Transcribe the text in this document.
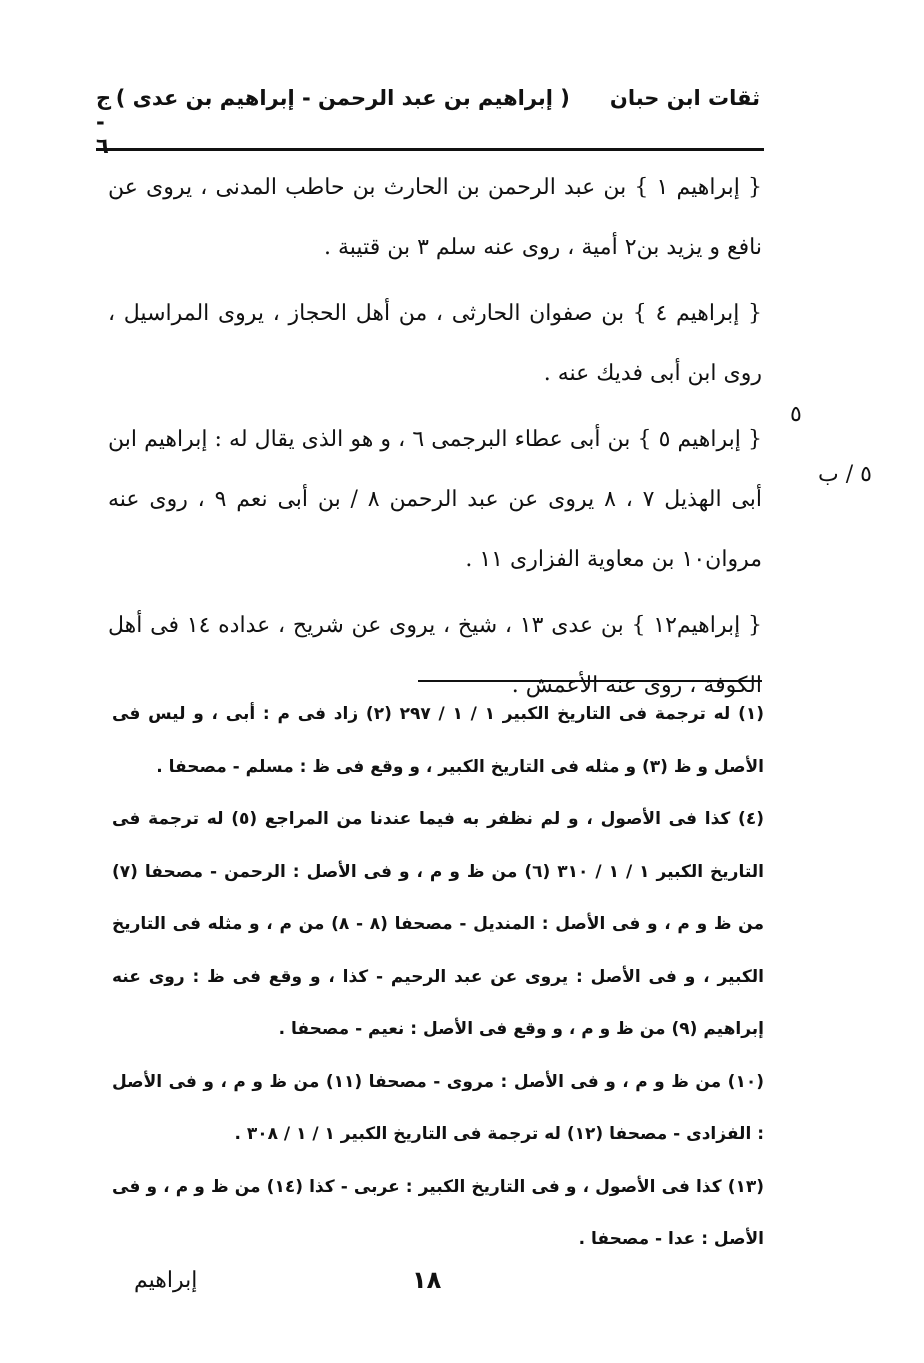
ثقات ابن حبان
( إبراهيم بن عبد الرحمن - إبراهيم بن عدى )
ج - ٦
٥
٥ / ب

{ إبراهيم ١ } بن عبد الرحمن بن الحارث بن حاطب المدنى ، يروى عن نافع و يزيد بن٢ أمية ، روى عنه سلم ٣ بن قتيبة .

{ إبراهيم ٤ } بن صفوان الحارثى ، من أهل الحجاز ، يروى المراسيل ، روى ابن أبى فديك عنه .

{ إبراهيم ٥ } بن أبى عطاء البرجمى ٦ ، و هو الذى يقال له : إبراهيم ابن أبى الهذيل ٧ ، ٨ يروى عن عبد الرحمن ٨ / بن أبى نعم ٩ ، روى عنه مروان١٠ بن معاوية الفزارى ١١ .

{ إبراهيم١٢ } بن عدى ١٣ ، شيخ ، يروى عن شريح ، عداده ١٤ فى أهل الكوفة ، روى عنه الأعمش .

(١) له ترجمة فى التاريخ الكبير ١ / ١ / ٢٩٧ (٢) زاد فى م : أبى ، و ليس فى الأصل و ظ (٣) و مثله فى التاريخ الكبير ، و وقع فى ظ : مسلم - مصحفا .

(٤) كذا فى الأصول ، و لم نظفر به فيما عندنا من المراجع (٥) له ترجمة فى التاريخ الكبير ١ / ١ / ٣١٠ (٦) من ظ و م ، و فى الأصل : الرحمن - مصحفا (٧) من ظ و م ، و فى الأصل : المنديل - مصحفا (٨ - ٨) من م ، و مثله فى التاريخ الكبير ، و فى الأصل : يروى عن عبد الرحيم - كذا ، و وقع فى ظ : روى عنه إبراهيم (٩) من ظ و م ، و وقع فى الأصل : نعيم - مصحفا .

(١٠) من ظ و م ، و فى الأصل : مروى - مصحفا (١١) من ظ و م ، و فى الأصل : الفزادى - مصحفا (١٢) له ترجمة فى التاريخ الكبير ١ / ١ / ٣٠٨ .

(١٣) كذا فى الأصول ، و فى التاريخ الكبير : عربى - كذا (١٤) من ظ و م ، و فى الأصل : عدا - مصحفا .

١٨
إبراهيم
